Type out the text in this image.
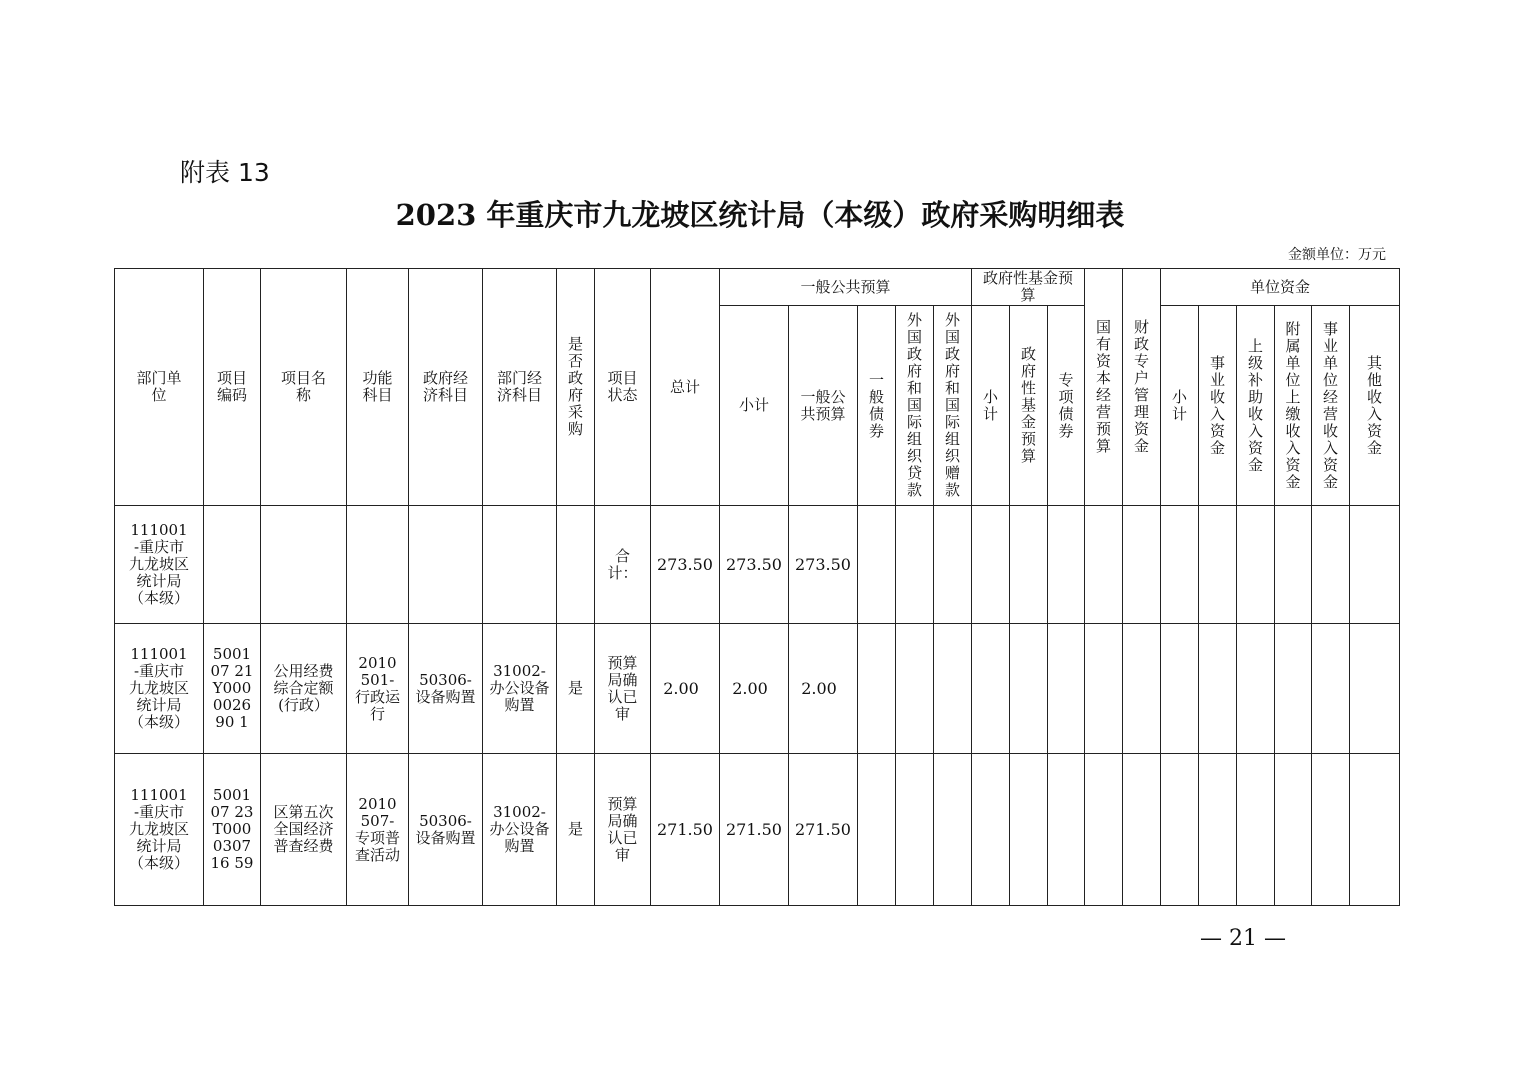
附表 13
2023 年重庆市九龙坡区统计局（本级）政府采购明细表
金额单位：万元
部门单位	项目编码	项目名称	功能科目	政府经济科目	部门经济科目	是否政府采购	项目状态	总计	一般公共预算					政府性基金预算			国有资本经营预算	财政专户管理资金	单位资金					
									小计	一般公共预算	一般债券	外国政府和国际组织贷款	外国政府和国际组织赠款	小计	政府性基金预算	专项债券			小计	事业收入资金	上级补助收入资金	附属单位上缴收入资金	事业单位经营收入资金	其他收入资金

111001-重庆市九龙坡区统计局（本级）							合计：	273.50	273.50	273.50														

111001-重庆市九龙坡区统计局（本级）	500107 21Y000002690 1	公用经费综合定额(行政）	2010501-行政运行	50306-设备购置	31002-办公设备购置	是	预算局确认已审	2.00	2.00	2.00														

111001-重庆市九龙坡区统计局（本级）	500107 23T000030716 59	区第五次全国经济普查经费	2010507-专项普查活动	50306-设备购置	31002-办公设备购置	是	预算局确认已审	271.50	271.50	271.50														
— 21 —
